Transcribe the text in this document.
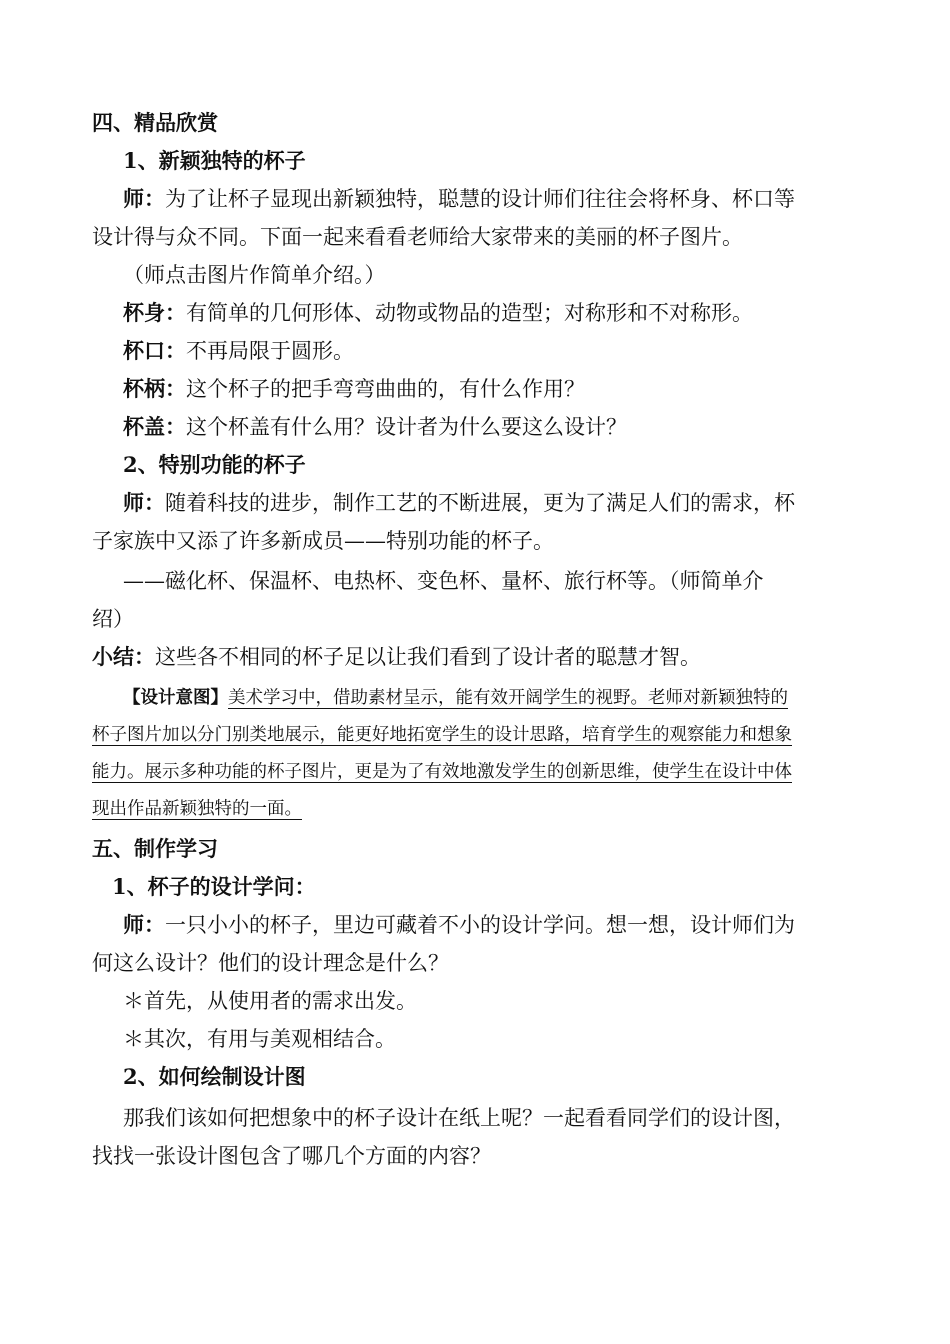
四、精品欣赏
1、新颖独特的杯子
师：为了让杯子显现出新颖独特，聪慧的设计师们往往会将杯身、杯口等
设计得与众不同。下面一起来看看老师给大家带来的美丽的杯子图片。
（师点击图片作简单介绍。）
杯身：有简单的几何形体、动物或物品的造型；对称形和不对称形。
杯口：不再局限于圆形。
杯柄：这个杯子的把手弯弯曲曲的，有什么作用？
杯盖：这个杯盖有什么用？设计者为什么要这么设计？
2、特别功能的杯子
师：随着科技的进步，制作工艺的不断进展，更为了满足人们的需求，杯
子家族中又添了许多新成员——特别功能的杯子。
——磁化杯、保温杯、电热杯、变色杯、量杯、旅行杯等。（师简单介
绍）
小结：这些各不相同的杯子足以让我们看到了设计者的聪慧才智。
【设计意图】美术学习中，借助素材呈示，能有效开阔学生的视野。老师对新颖独特的
杯子图片加以分门别类地展示，能更好地拓宽学生的设计思路，培育学生的观察能力和想象
能力。展示多种功能的杯子图片，更是为了有效地激发学生的创新思维，使学生在设计中体
现出作品新颖独特的一面。
五、制作学习
1、杯子的设计学问：
师：一只小小的杯子，里边可藏着不小的设计学问。想一想，设计师们为
何这么设计？他们的设计理念是什么？
＊首先，从使用者的需求出发。
＊其次，有用与美观相结合。
2、如何绘制设计图
那我们该如何把想象中的杯子设计在纸上呢？一起看看同学们的设计图，
找找一张设计图包含了哪几个方面的内容？
